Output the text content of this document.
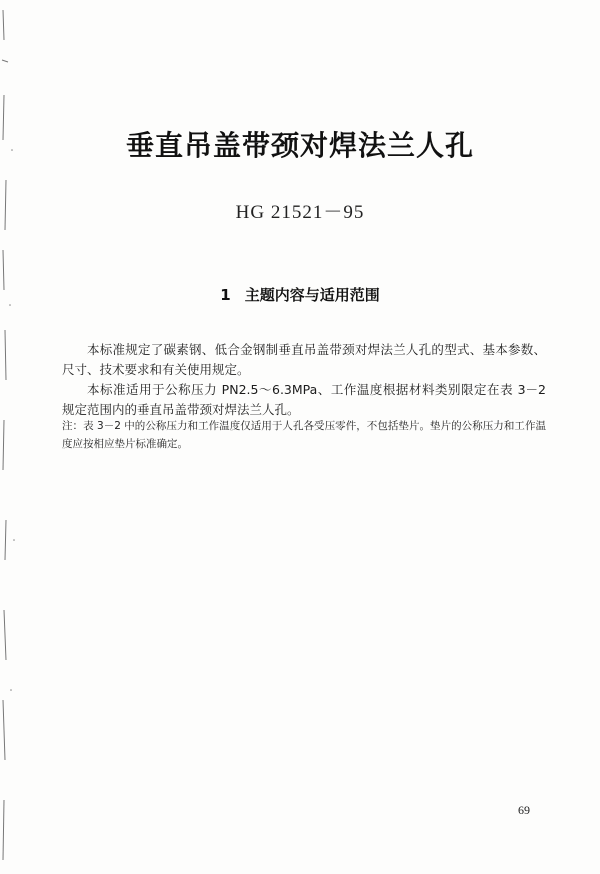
垂直吊盖带颈对焊法兰人孔
HG 21521－95
1 主题内容与适用范围
本标准规定了碳素钢、低合金钢制垂直吊盖带颈对焊法兰人孔的型式、基本参数、尺寸、技术要求和有关使用规定。
本标准适用于公称压力 PN2.5～6.3MPa、工作温度根据材料类别限定在表 3－2 规定范围内的垂直吊盖带颈对焊法兰人孔。
注：表 3－2 中的公称压力和工作温度仅适用于人孔各受压零件，不包括垫片。垫片的公称压力和工作温度应按相应垫片标准确定。
69
